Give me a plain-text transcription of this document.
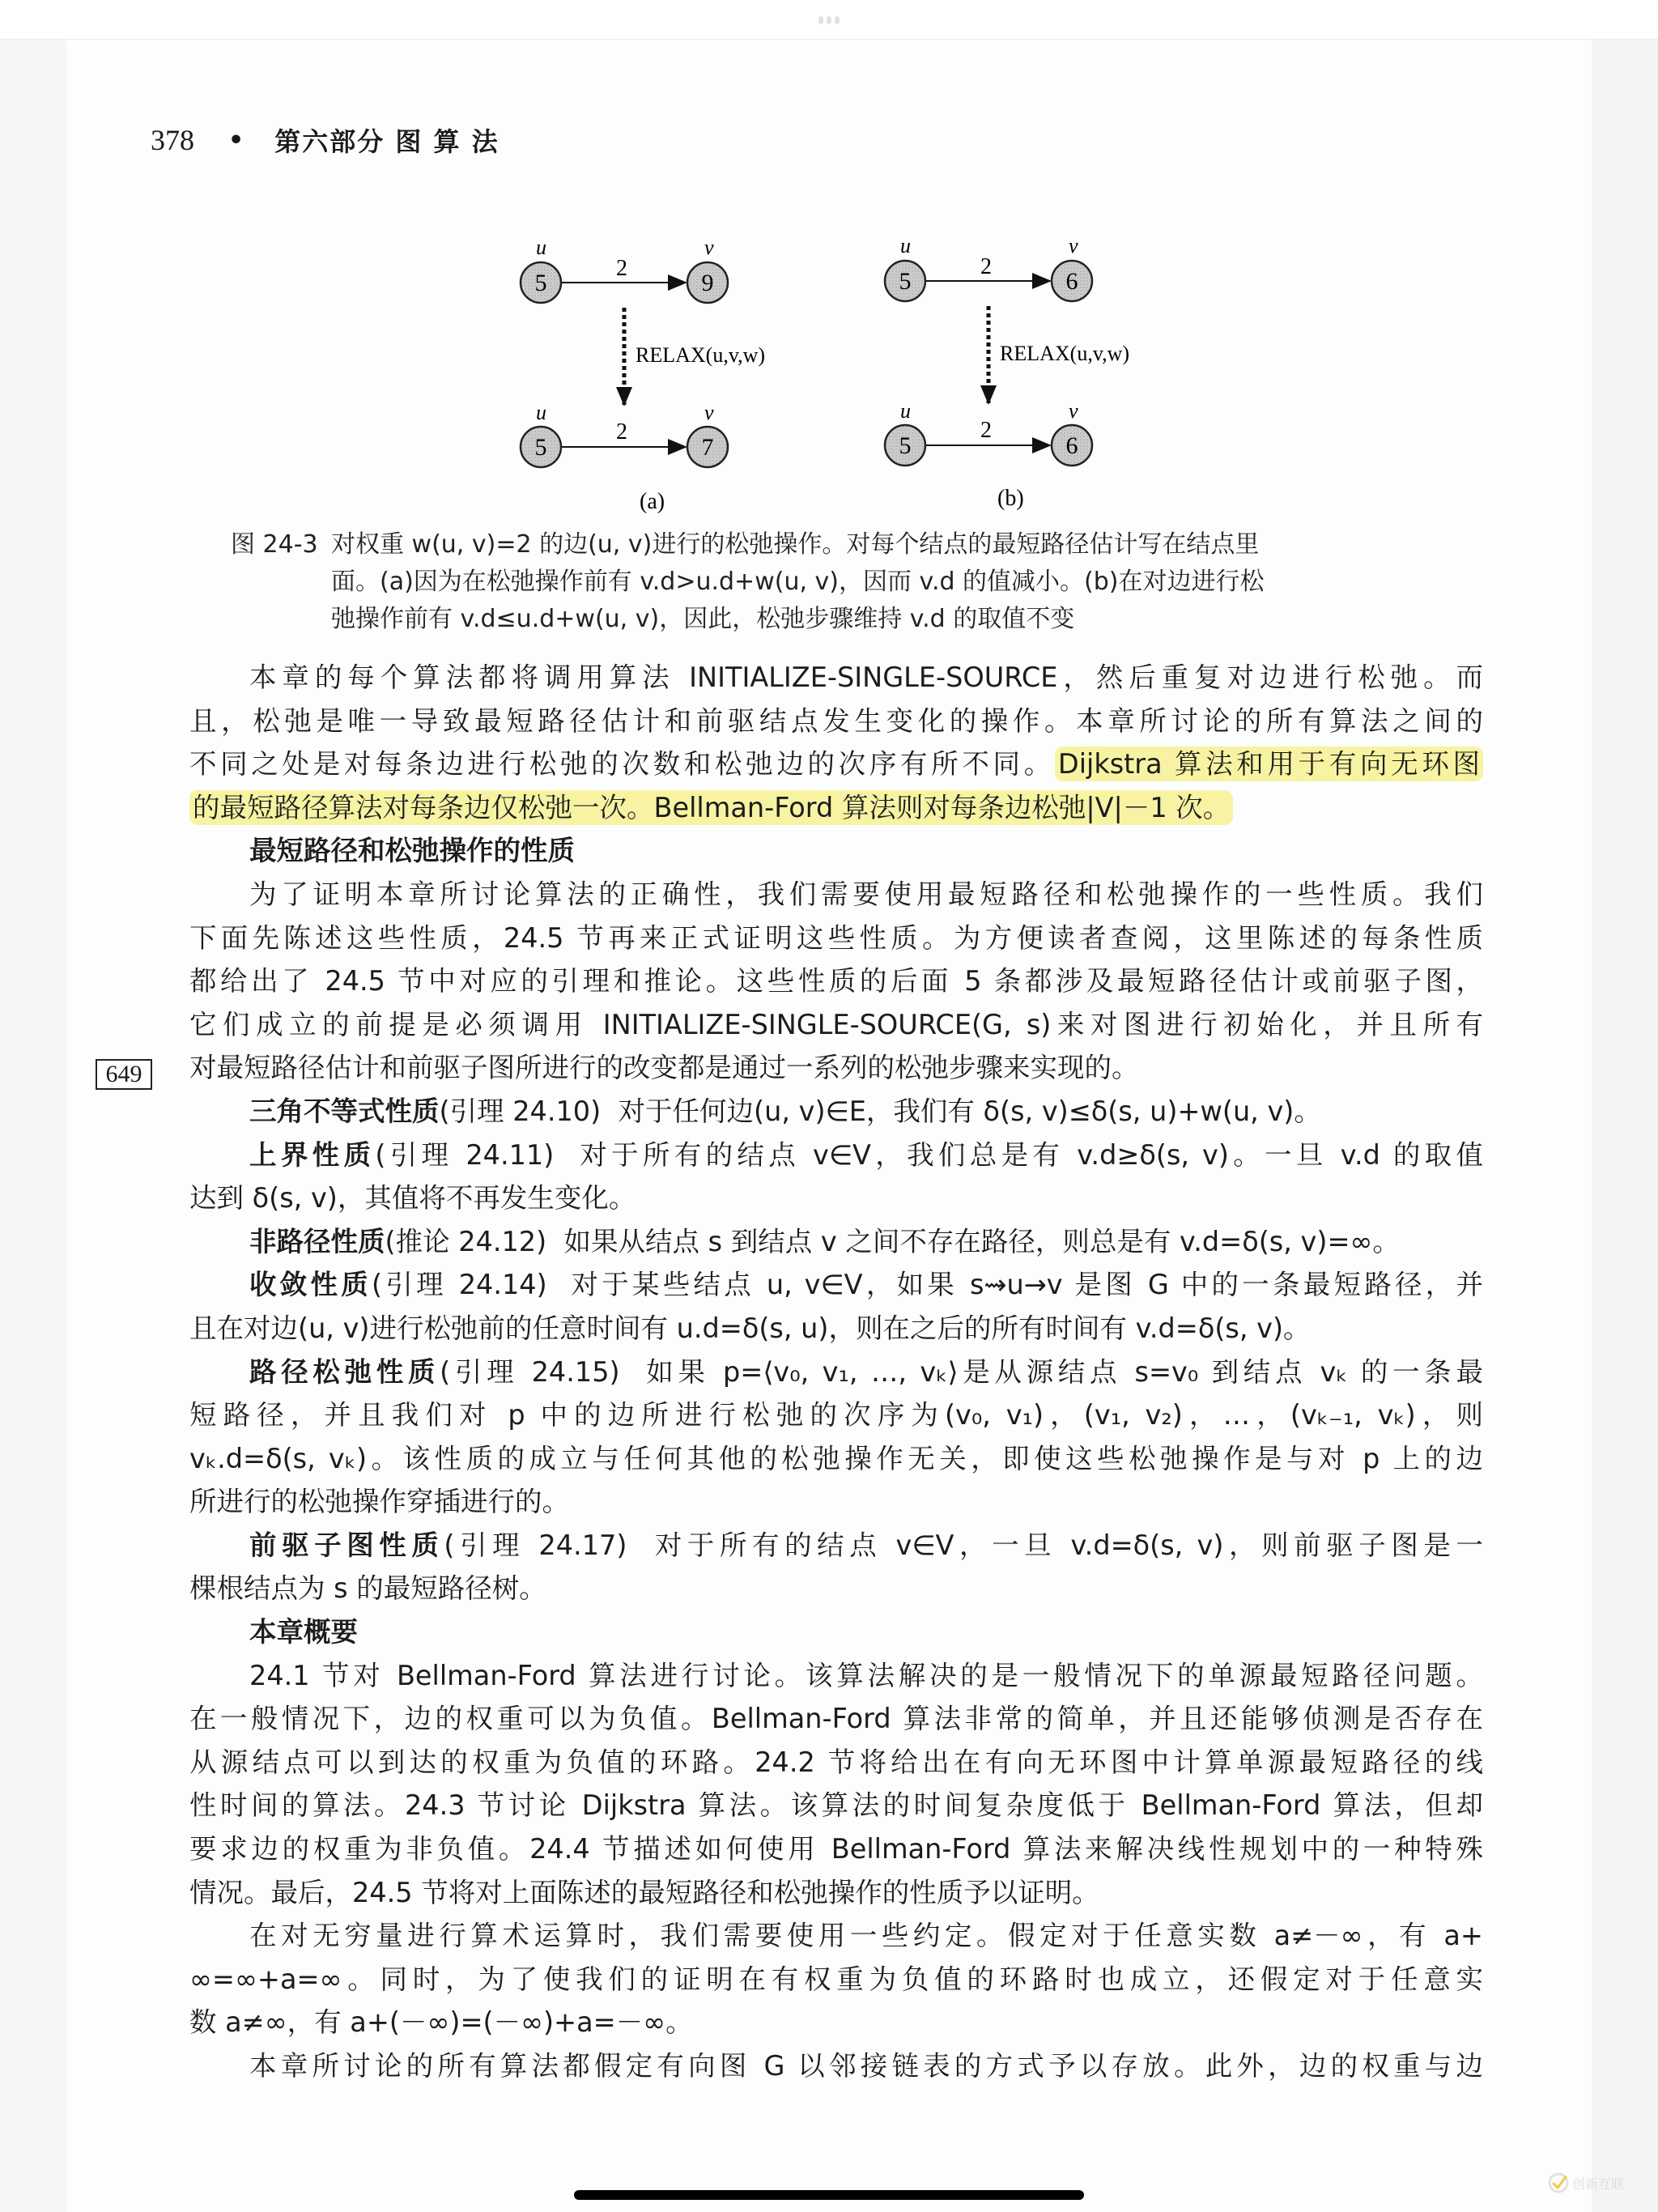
378 • 第六部分 图 算 法
u	v
2
5	9
RELAX(u,v,w)
u	v
2
5	7
(a)
u	v
2
5	6
RELAX(u,v,w)
u	v
2
5	6
(b)
图 24-3 对权重 w(u, v)=2 的边(u, v)进行的松弛操作。对每个结点的最短路径估计写在结点里
面。(a)因为在松弛操作前有 v.d>u.d+w(u, v)，因而 v.d 的值减小。(b)在对边进行松
弛操作前有 v.d≤u.d+w(u, v)，因此，松弛步骤维持 v.d 的取值不变
649
本章的每个算法都将调用算法 INITIALIZE-SINGLE-SOURCE，然后重复对边进行松弛。而
且，松弛是唯一导致最短路径估计和前驱结点发生变化的操作。本章所讨论的所有算法之间的
不同之处是对每条边进行松弛的次数和松弛边的次序有所不同。 Dijkstra 算法和用于有向无环图
的最短路径算法对每条边仅松弛一次。Bellman-Ford 算法则对每条边松弛|V|－1 次。
最短路径和松弛操作的性质
为了证明本章所讨论算法的正确性，我们需要使用最短路径和松弛操作的一些性质。我们
下面先陈述这些性质，24.5 节再来正式证明这些性质。为方便读者查阅，这里陈述的每条性质
都给出了 24.5 节中对应的引理和推论。这些性质的后面 5 条都涉及最短路径估计或前驱子图，
它们成立的前提是必须调用 INITIALIZE-SINGLE-SOURCE(G, s)来对图进行初始化，并且所有
对最短路径估计和前驱子图所进行的改变都是通过一系列的松弛步骤来实现的。
三角不等式性质(引理 24.10) 对于任何边(u, v)∈E，我们有 δ(s, v)≤δ(s, u)+w(u, v)。
上界性质(引理 24.11) 对于所有的结点 v∈V，我们总是有 v.d≥δ(s, v)。一旦 v.d 的取值
达到 δ(s, v)，其值将不再发生变化。
非路径性质(推论 24.12) 如果从结点 s 到结点 v 之间不存在路径，则总是有 v.d=δ(s, v)=∞。
收敛性质(引理 24.14) 对于某些结点 u, v∈V，如果 s⇝u→v 是图 G 中的一条最短路径，并
且在对边(u, v)进行松弛前的任意时间有 u.d=δ(s, u)，则在之后的所有时间有 v.d=δ(s, v)。
路径松弛性质(引理 24.15) 如果 p=⟨v₀, v₁, …, vₖ⟩是从源结点 s=v₀ 到结点 vₖ 的一条最
短路径，并且我们对 p 中的边所进行松弛的次序为(v₀, v₁)，(v₁, v₂)，…，(vₖ₋₁, vₖ)，则
vₖ.d=δ(s, vₖ)。该性质的成立与任何其他的松弛操作无关，即使这些松弛操作是与对 p 上的边
所进行的松弛操作穿插进行的。
前驱子图性质(引理 24.17) 对于所有的结点 v∈V，一旦 v.d=δ(s, v)，则前驱子图是一
棵根结点为 s 的最短路径树。
本章概要
24.1 节对 Bellman-Ford 算法进行讨论。该算法解决的是一般情况下的单源最短路径问题。
在一般情况下，边的权重可以为负值。Bellman-Ford 算法非常的简单，并且还能够侦测是否存在
从源结点可以到达的权重为负值的环路。24.2 节将给出在有向无环图中计算单源最短路径的线
性时间的算法。24.3 节讨论 Dijkstra 算法。该算法的时间复杂度低于 Bellman-Ford 算法，但却
要求边的权重为非负值。24.4 节描述如何使用 Bellman-Ford 算法来解决线性规划中的一种特殊
情况。最后，24.5 节将对上面陈述的最短路径和松弛操作的性质予以证明。
在对无穷量进行算术运算时，我们需要使用一些约定。假定对于任意实数 a≠－∞，有 a+
∞=∞+a=∞。同时，为了使我们的证明在有权重为负值的环路时也成立，还假定对于任意实
数 a≠∞，有 a+(－∞)=(－∞)+a=－∞。
本章所讨论的所有算法都假定有向图 G 以邻接链表的方式予以存放。此外，边的权重与边
创新互联
